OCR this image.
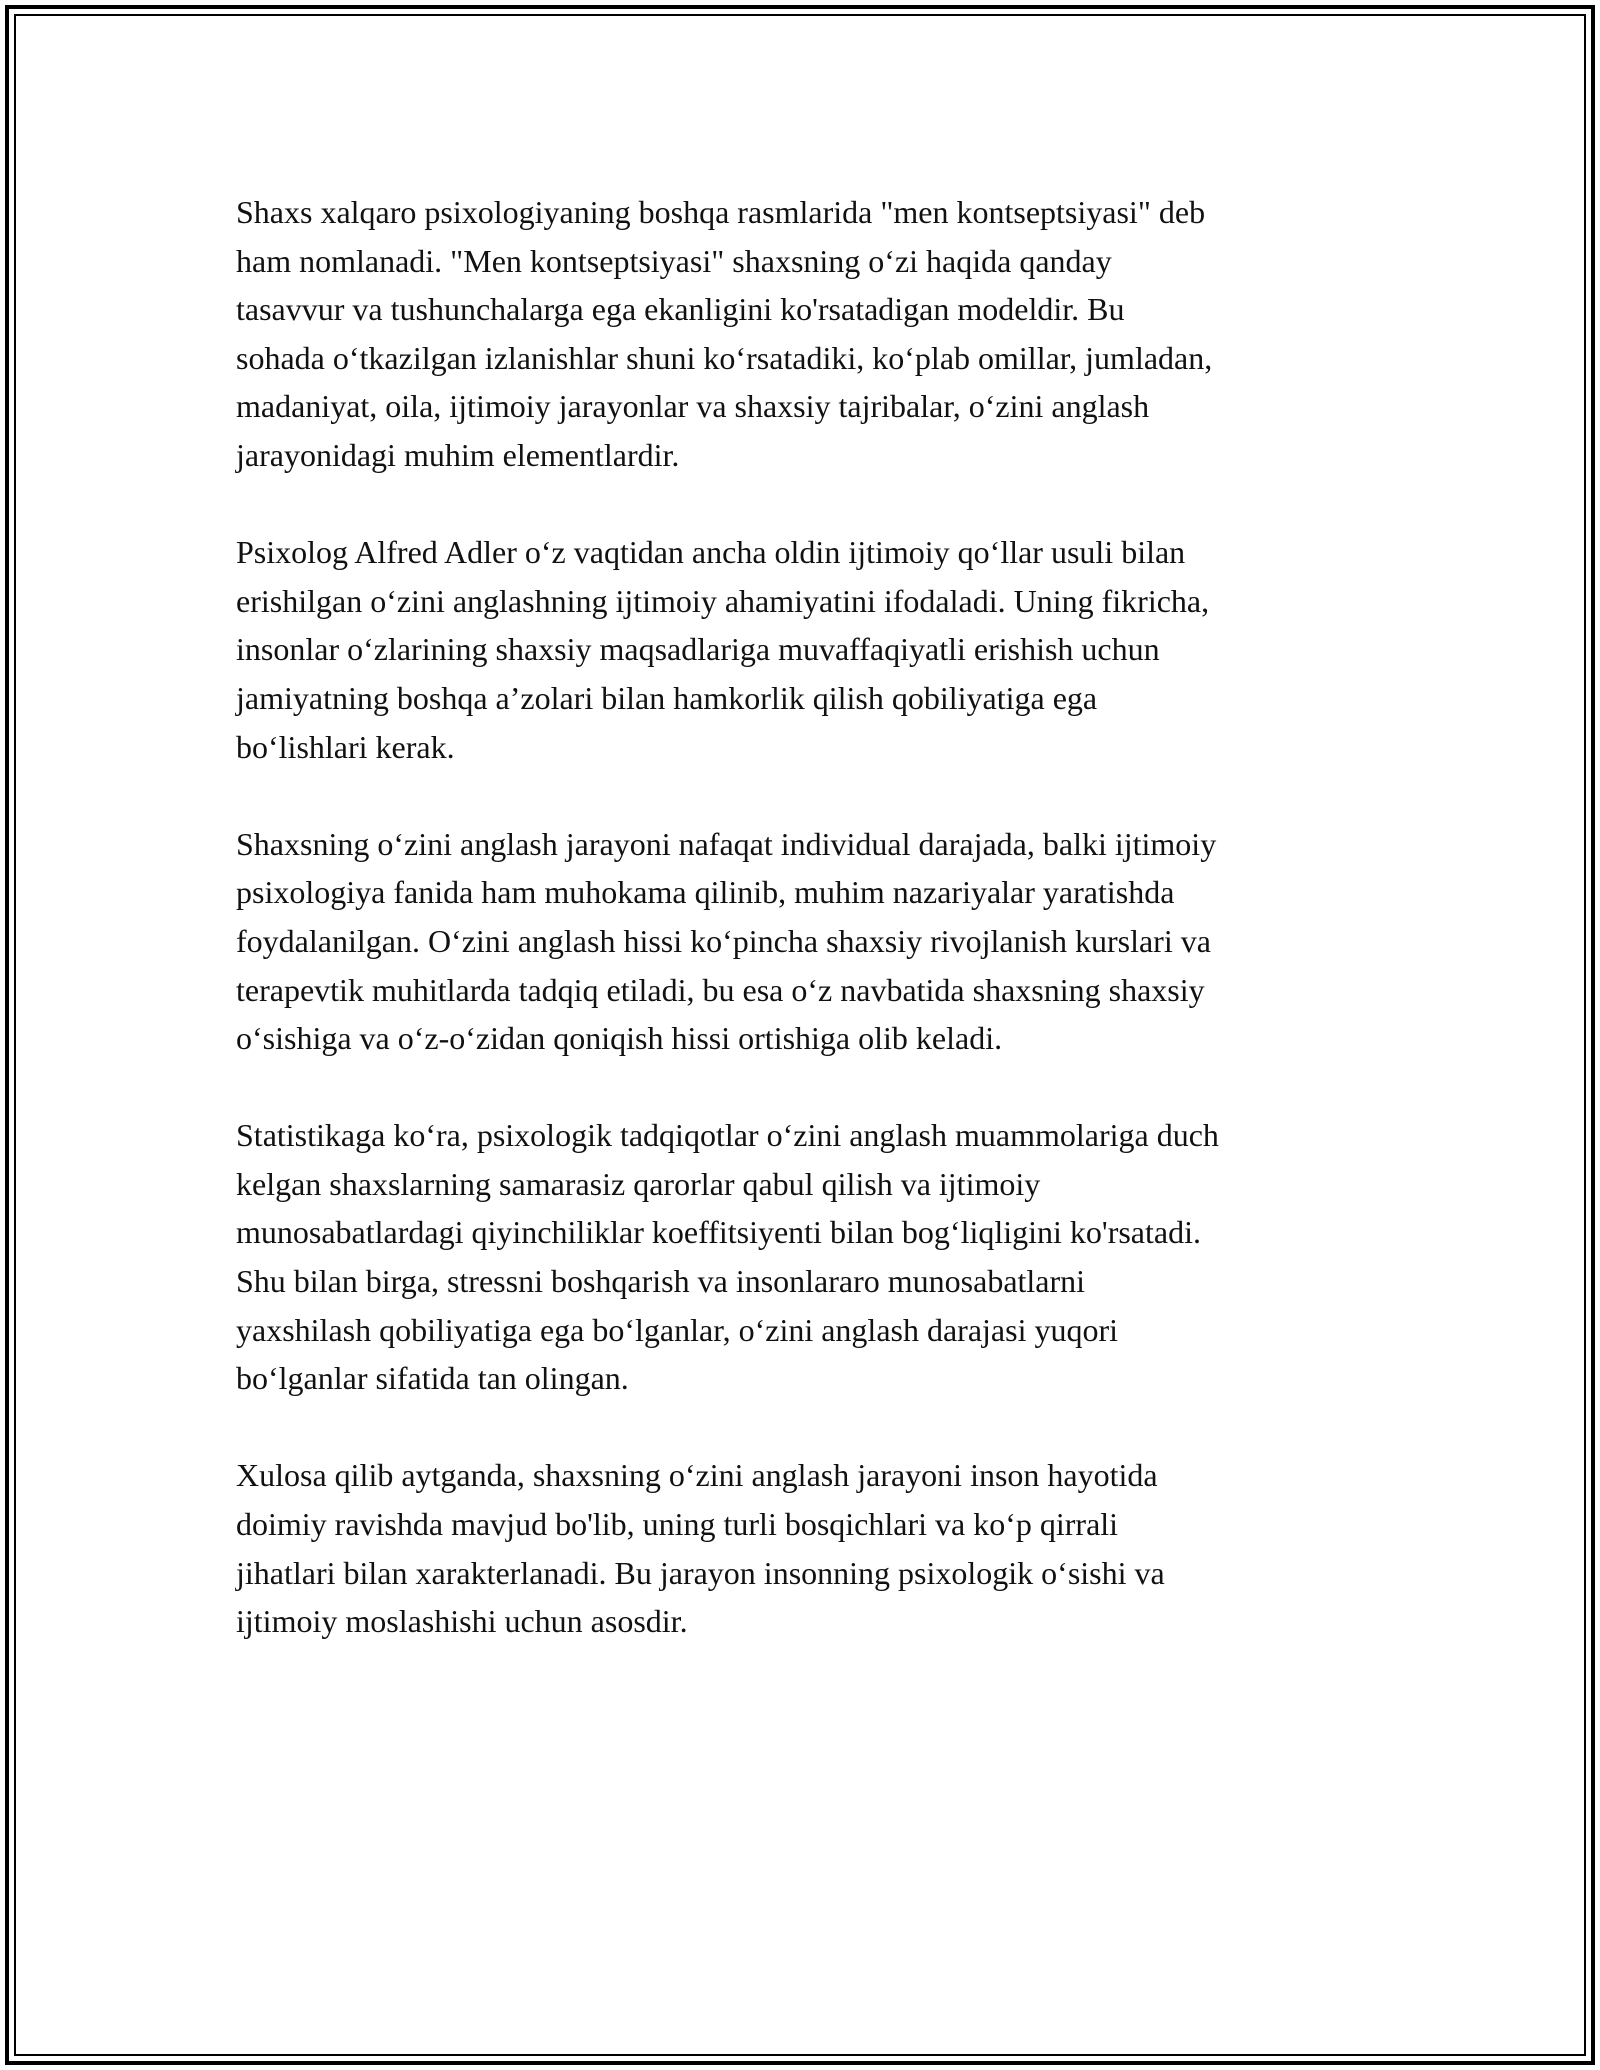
Shaxs xalqaro psixologiyaning boshqa rasmlarida "men kontseptsiyasi" deb
ham nomlanadi. "Men kontseptsiyasi" shaxsning o‘zi haqida qanday
tasavvur va tushunchalarga ega ekanligini ko'rsatadigan modeldir. Bu
sohada o‘tkazilgan izlanishlar shuni ko‘rsatadiki, ko‘plab omillar, jumladan,
madaniyat, oila, ijtimoiy jarayonlar va shaxsiy tajribalar, o‘zini anglash
jarayonidagi muhim elementlardir.

Psixolog Alfred Adler o‘z vaqtidan ancha oldin ijtimoiy qo‘llar usuli bilan
erishilgan o‘zini anglashning ijtimoiy ahamiyatini ifodaladi. Uning fikricha,
insonlar o‘zlarining shaxsiy maqsadlariga muvaffaqiyatli erishish uchun
jamiyatning boshqa a’zolari bilan hamkorlik qilish qobiliyatiga ega
bo‘lishlari kerak.

Shaxsning o‘zini anglash jarayoni nafaqat individual darajada, balki ijtimoiy
psixologiya fanida ham muhokama qilinib, muhim nazariyalar yaratishda
foydalanilgan. O‘zini anglash hissi ko‘pincha shaxsiy rivojlanish kurslari va
terapevtik muhitlarda tadqiq etiladi, bu esa o‘z navbatida shaxsning shaxsiy
o‘sishiga va o‘z-o‘zidan qoniqish hissi ortishiga olib keladi.

Statistikaga ko‘ra, psixologik tadqiqotlar o‘zini anglash muammolariga duch
kelgan shaxslarning samarasiz qarorlar qabul qilish va ijtimoiy
munosabatlardagi qiyinchiliklar koeffitsiyenti bilan bog‘liqligini ko'rsatadi.
Shu bilan birga, stressni boshqarish va insonlararo munosabatlarni
yaxshilash qobiliyatiga ega bo‘lganlar, o‘zini anglash darajasi yuqori
bo‘lganlar sifatida tan olingan.

Xulosa qilib aytganda, shaxsning o‘zini anglash jarayoni inson hayotida
doimiy ravishda mavjud bo'lib, uning turli bosqichlari va ko‘p qirrali
jihatlari bilan xarakterlanadi. Bu jarayon insonning psixologik o‘sishi va
ijtimoiy moslashishi uchun asosdir.
